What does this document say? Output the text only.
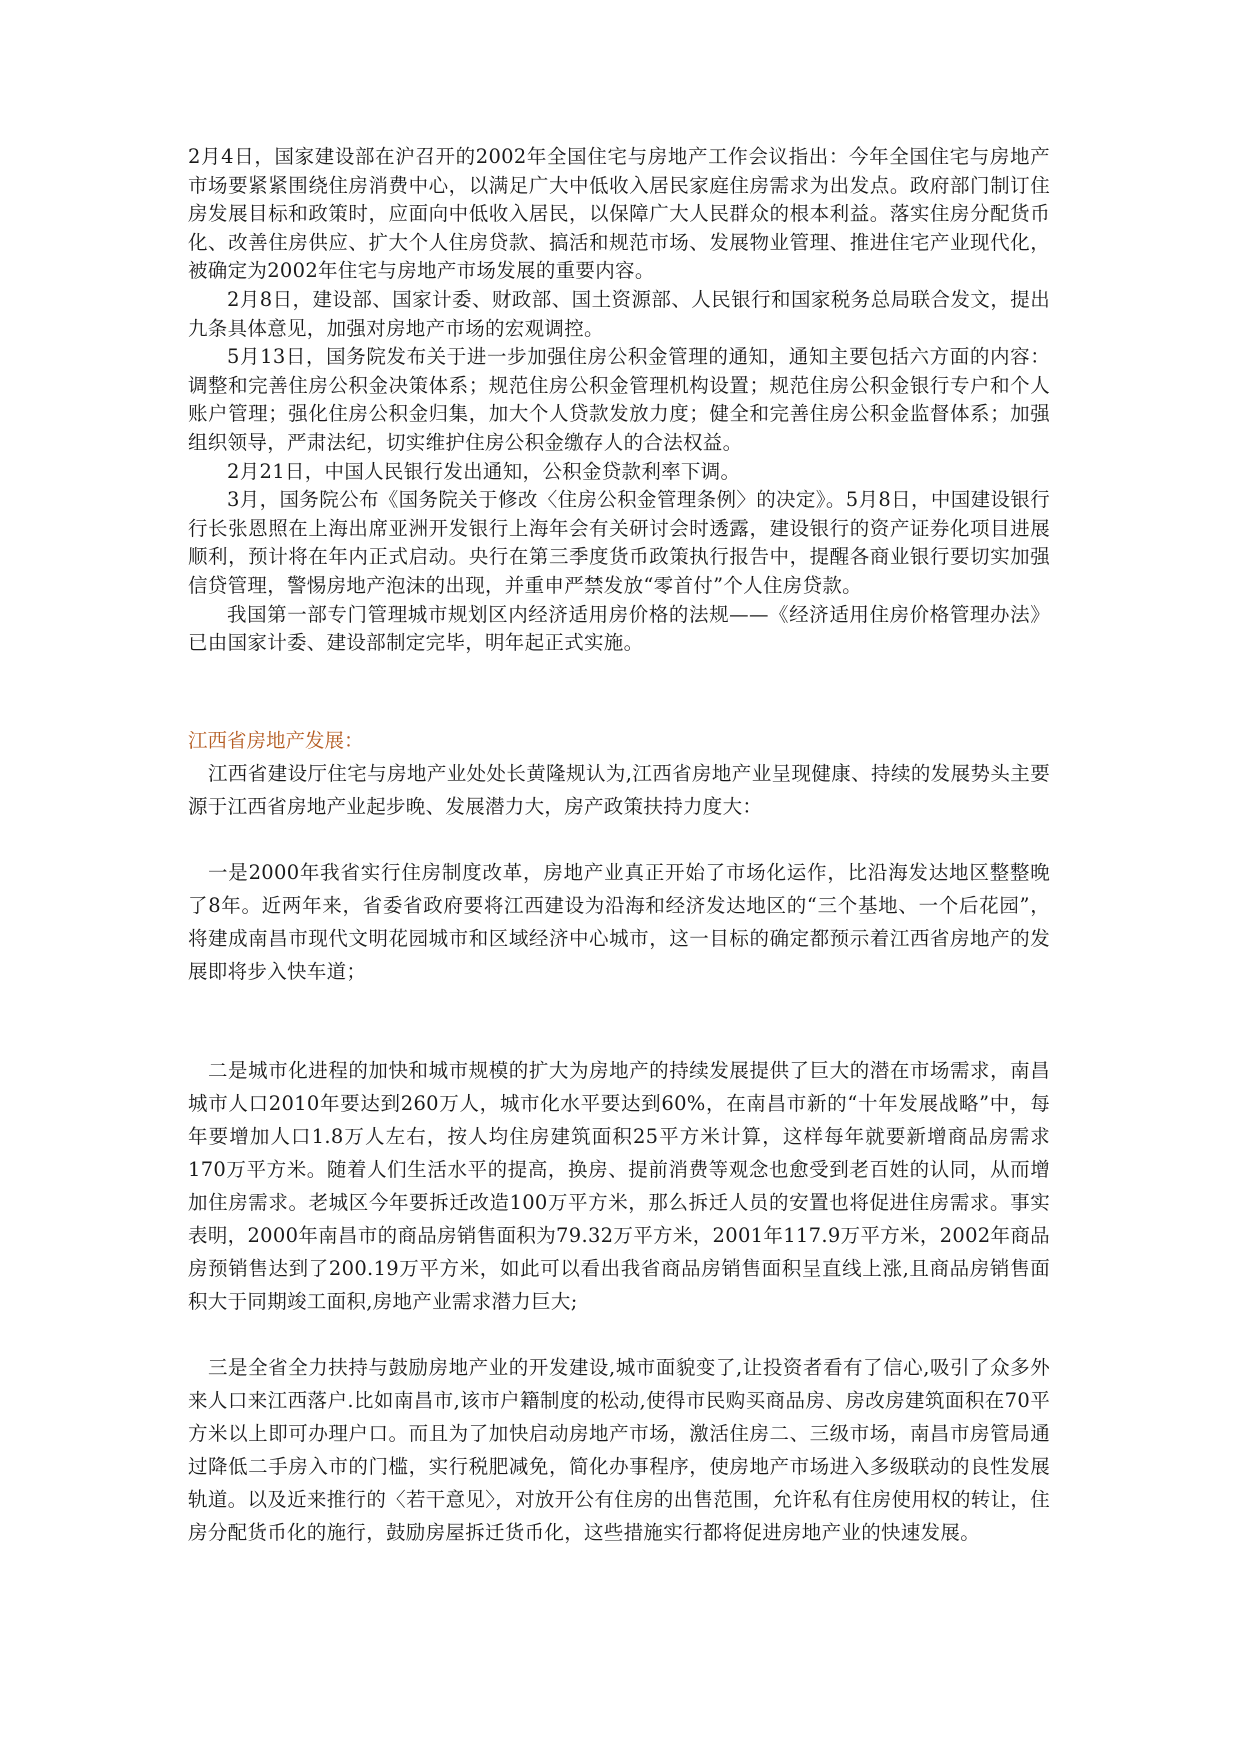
2月4日，国家建设部在沪召开的2002年全国住宅与房地产工作会议指出：今年全国住宅与房地产市场要紧紧围绕住房消费中心，以满足广大中低收入居民家庭住房需求为出发点。政府部门制订住房发展目标和政策时，应面向中低收入居民，以保障广大人民群众的根本利益。落实住房分配货币化、改善住房供应、扩大个人住房贷款、搞活和规范市场、发展物业管理、推进住宅产业现代化，被确定为2002年住宅与房地产市场发展的重要内容。

2月8日，建设部、国家计委、财政部、国土资源部、人民银行和国家税务总局联合发文，提出九条具体意见，加强对房地产市场的宏观调控。

5月13日，国务院发布关于进一步加强住房公积金管理的通知，通知主要包括六方面的内容：调整和完善住房公积金决策体系；规范住房公积金管理机构设置；规范住房公积金银行专户和个人账户管理；强化住房公积金归集，加大个人贷款发放力度；健全和完善住房公积金监督体系；加强组织领导，严肃法纪，切实维护住房公积金缴存人的合法权益。

2月21日，中国人民银行发出通知，公积金贷款利率下调。

3月，国务院公布《国务院关于修改〈住房公积金管理条例〉的决定》。5月8日，中国建设银行行长张恩照在上海出席亚洲开发银行上海年会有关研讨会时透露，建设银行的资产证券化项目进展顺利，预计将在年内正式启动。央行在第三季度货币政策执行报告中，提醒各商业银行要切实加强信贷管理，警惕房地产泡沫的出现，并重申严禁发放“零首付”个人住房贷款。

我国第一部专门管理城市规划区内经济适用房价格的法规——《经济适用住房价格管理办法》已由国家计委、建设部制定完毕，明年起正式实施。

江西省房地产发展：

江西省建设厅住宅与房地产业处处长黄隆规认为,江西省房地产业呈现健康、持续的发展势头主要源于江西省房地产业起步晚、发展潜力大，房产政策扶持力度大：

一是2000年我省实行住房制度改革，房地产业真正开始了市场化运作，比沿海发达地区整整晚了8年。近两年来，省委省政府要将江西建设为沿海和经济发达地区的“三个基地、一个后花园”，将建成南昌市现代文明花园城市和区域经济中心城市，这一目标的确定都预示着江西省房地产的发展即将步入快车道；

二是城市化进程的加快和城市规模的扩大为房地产的持续发展提供了巨大的潜在市场需求，南昌城市人口2010年要达到260万人，城市化水平要达到60%，在南昌市新的“十年发展战略”中，每年要增加人口1.8万人左右，按人均住房建筑面积25平方米计算，这样每年就要新增商品房需求170万平方米。随着人们生活水平的提高，换房、提前消费等观念也愈受到老百姓的认同，从而增加住房需求。老城区今年要拆迁改造100万平方米，那么拆迁人员的安置也将促进住房需求。事实表明，2000年南昌市的商品房销售面积为79.32万平方米，2001年117.9万平方米，2002年商品房预销售达到了200.19万平方米，如此可以看出我省商品房销售面积呈直线上涨,且商品房销售面积大于同期竣工面积,房地产业需求潜力巨大;

三是全省全力扶持与鼓励房地产业的开发建设,城市面貌变了,让投资者看有了信心,吸引了众多外来人口来江西落户.比如南昌市,该市户籍制度的松动,使得市民购买商品房、房改房建筑面积在70平方米以上即可办理户口。而且为了加快启动房地产市场，激活住房二、三级市场，南昌市房管局通过降低二手房入市的门槛，实行税肥减免，简化办事程序，使房地产市场进入多级联动的良性发展轨道。以及近来推行的〈若干意见〉，对放开公有住房的出售范围，允许私有住房使用权的转让，住房分配货币化的施行，鼓励房屋拆迁货币化，这些措施实行都将促进房地产业的快速发展。
